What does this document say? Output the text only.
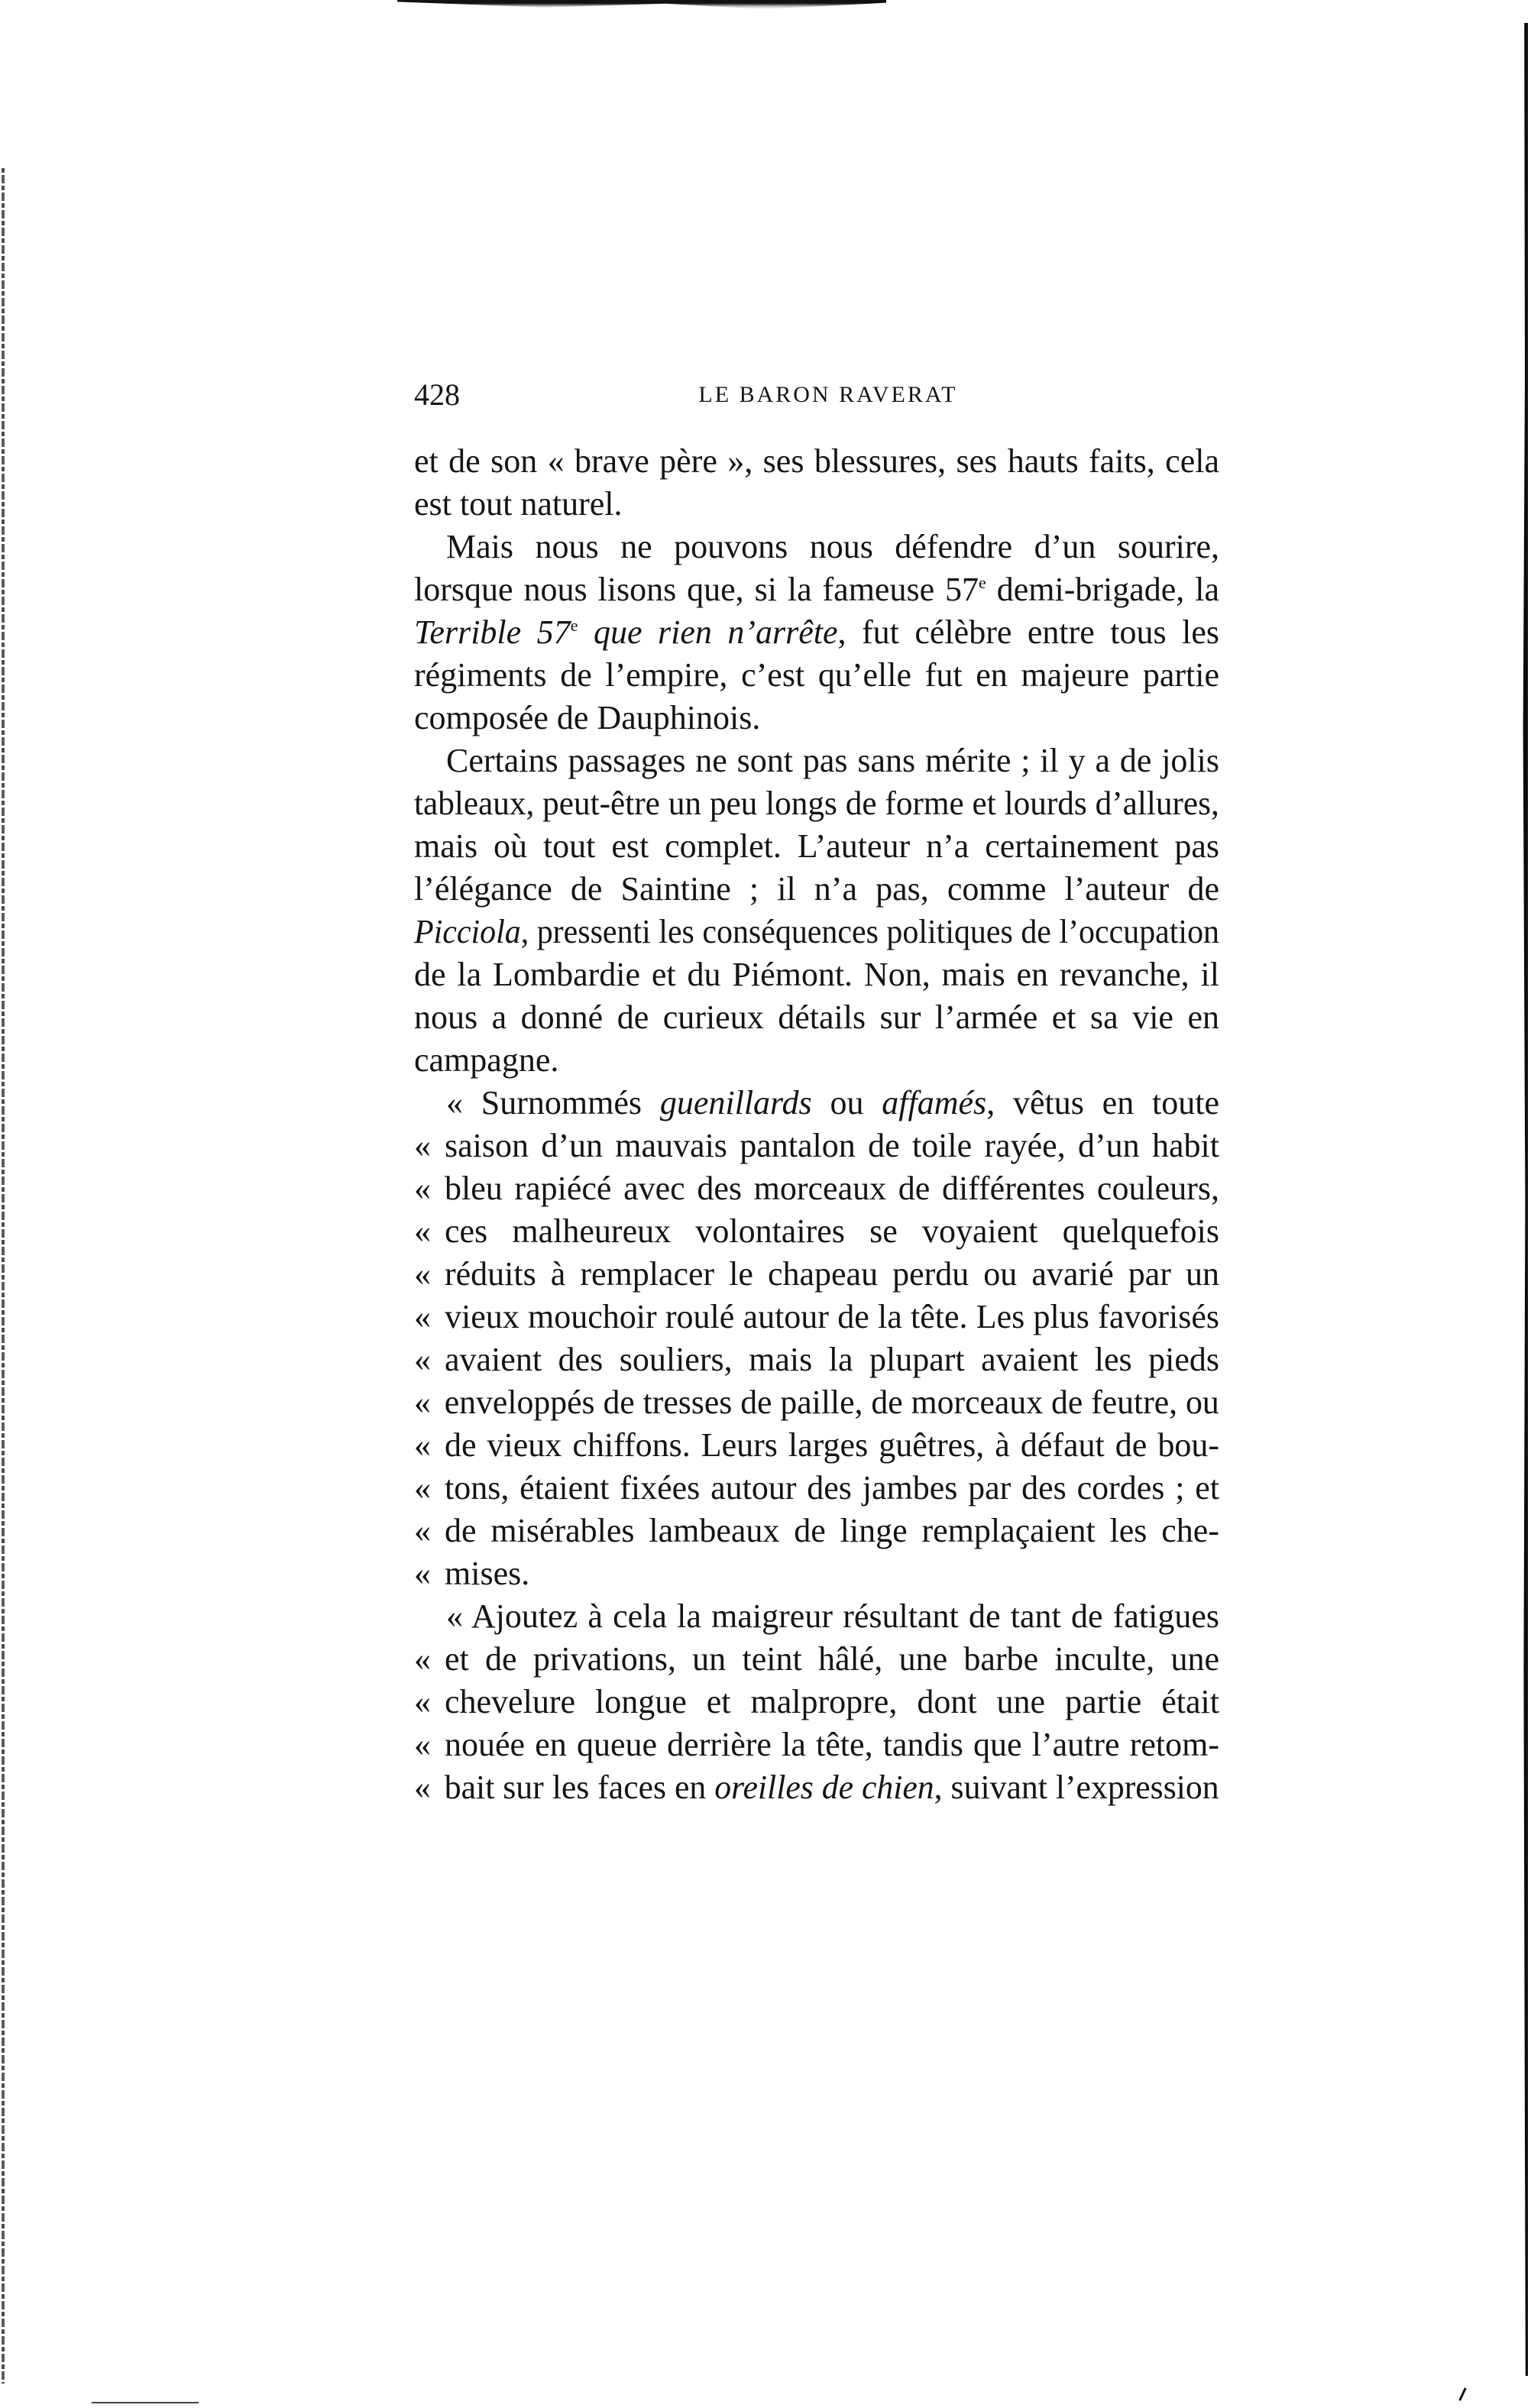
428	LE BARON RAVERAT
et de son « brave père », ses blessures, ses hauts faits, cela
est tout naturel.
Mais nous ne pouvons nous défendre d’un sourire,
lorsque nous lisons que, si la fameuse 57e demi-brigade, la
Terrible 57e que rien n’arrête, fut célèbre entre tous les
régiments de l’empire, c’est qu’elle fut en majeure partie
composée de Dauphinois.
Certains passages ne sont pas sans mérite ; il y a de jolis
tableaux, peut-être un peu longs de forme et lourds d’allures,
mais où tout est complet. L’auteur n’a certainement pas
l’élégance de Saintine ; il n’a pas, comme l’auteur de
Picciola, pressenti les conséquences politiques de l’occupation
de la Lombardie et du Piémont. Non, mais en revanche, il
nous a donné de curieux détails sur l’armée et sa vie en
campagne.
« Surnommés guenillards ou affamés, vêtus en toute
« saison d’un mauvais pantalon de toile rayée, d’un habit
« bleu rapiécé avec des morceaux de différentes couleurs,
« ces malheureux volontaires se voyaient quelquefois
« réduits à remplacer le chapeau perdu ou avarié par un
« vieux mouchoir roulé autour de la tête. Les plus favorisés
« avaient des souliers, mais la plupart avaient les pieds
« enveloppés de tresses de paille, de morceaux de feutre, ou
« de vieux chiffons. Leurs larges guêtres, à défaut de bou-
« tons, étaient fixées autour des jambes par des cordes ; et
« de misérables lambeaux de linge remplaçaient les che-
« mises.
« Ajoutez à cela la maigreur résultant de tant de fatigues
« et de privations, un teint hâlé, une barbe inculte, une
« chevelure longue et malpropre, dont une partie était
« nouée en queue derrière la tête, tandis que l’autre retom-
« bait sur les faces en oreilles de chien, suivant l’expression
